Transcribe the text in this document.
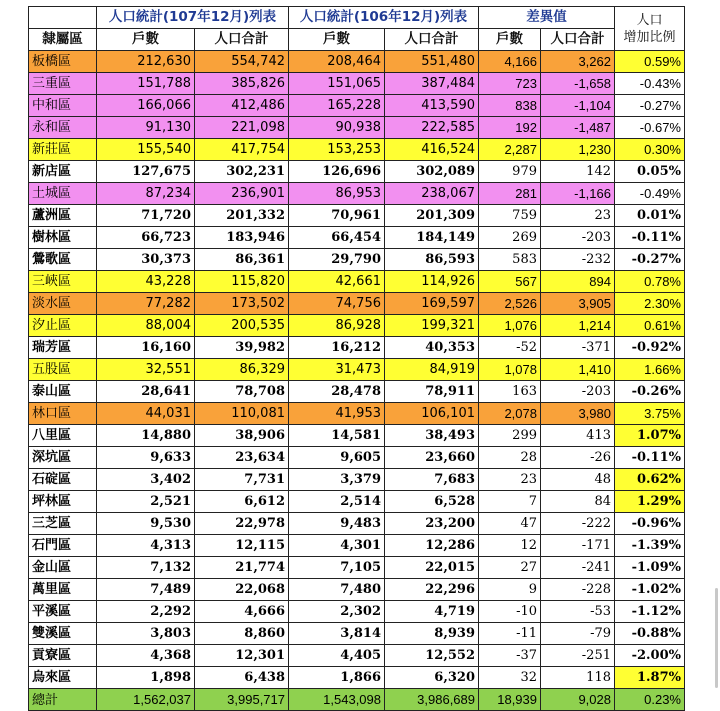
	人口統計(107年12月)列表		人口統計(106年12月)列表		差異值		人口
增加比例

隸屬區	戶數	人口合計	戶數	人口合計	戶數	人口合計	
板橋區	212,630	554,742	208,464	551,480	4,166	3,262	0.59%
三重區	151,788	385,826	151,065	387,484	723	-1,658	-0.43%
中和區	166,066	412,486	165,228	413,590	838	-1,104	-0.27%
永和區	91,130	221,098	90,938	222,585	192	-1,487	-0.67%
新莊區	155,540	417,754	153,253	416,524	2,287	1,230	0.30%
新店區	127,675	302,231	126,696	302,089	979	142	0.05%
土城區	87,234	236,901	86,953	238,067	281	-1,166	-0.49%
蘆洲區	71,720	201,332	70,961	201,309	759	23	0.01%
樹林區	66,723	183,946	66,454	184,149	269	-203	-0.11%
鶯歌區	30,373	86,361	29,790	86,593	583	-232	-0.27%
三峽區	43,228	115,820	42,661	114,926	567	894	0.78%
淡水區	77,282	173,502	74,756	169,597	2,526	3,905	2.30%
汐止區	88,004	200,535	86,928	199,321	1,076	1,214	0.61%
瑞芳區	16,160	39,982	16,212	40,353	-52	-371	-0.92%
五股區	32,551	86,329	31,473	84,919	1,078	1,410	1.66%
泰山區	28,641	78,708	28,478	78,911	163	-203	-0.26%
林口區	44,031	110,081	41,953	106,101	2,078	3,980	3.75%
八里區	14,880	38,906	14,581	38,493	299	413	1.07%
深坑區	9,633	23,634	9,605	23,660	28	-26	-0.11%
石碇區	3,402	7,731	3,379	7,683	23	48	0.62%
坪林區	2,521	6,612	2,514	6,528	7	84	1.29%
三芝區	9,530	22,978	9,483	23,200	47	-222	-0.96%
石門區	4,313	12,115	4,301	12,286	12	-171	-1.39%
金山區	7,132	21,774	7,105	22,015	27	-241	-1.09%
萬里區	7,489	22,068	7,480	22,296	9	-228	-1.02%
平溪區	2,292	4,666	2,302	4,719	-10	-53	-1.12%
雙溪區	3,803	8,860	3,814	8,939	-11	-79	-0.88%
貢寮區	4,368	12,301	4,405	12,552	-37	-251	-2.00%
烏來區	1,898	6,438	1,866	6,320	32	118	1.87%
總計	1,562,037	3,995,717	1,543,098	3,986,689	18,939	9,028	0.23%
